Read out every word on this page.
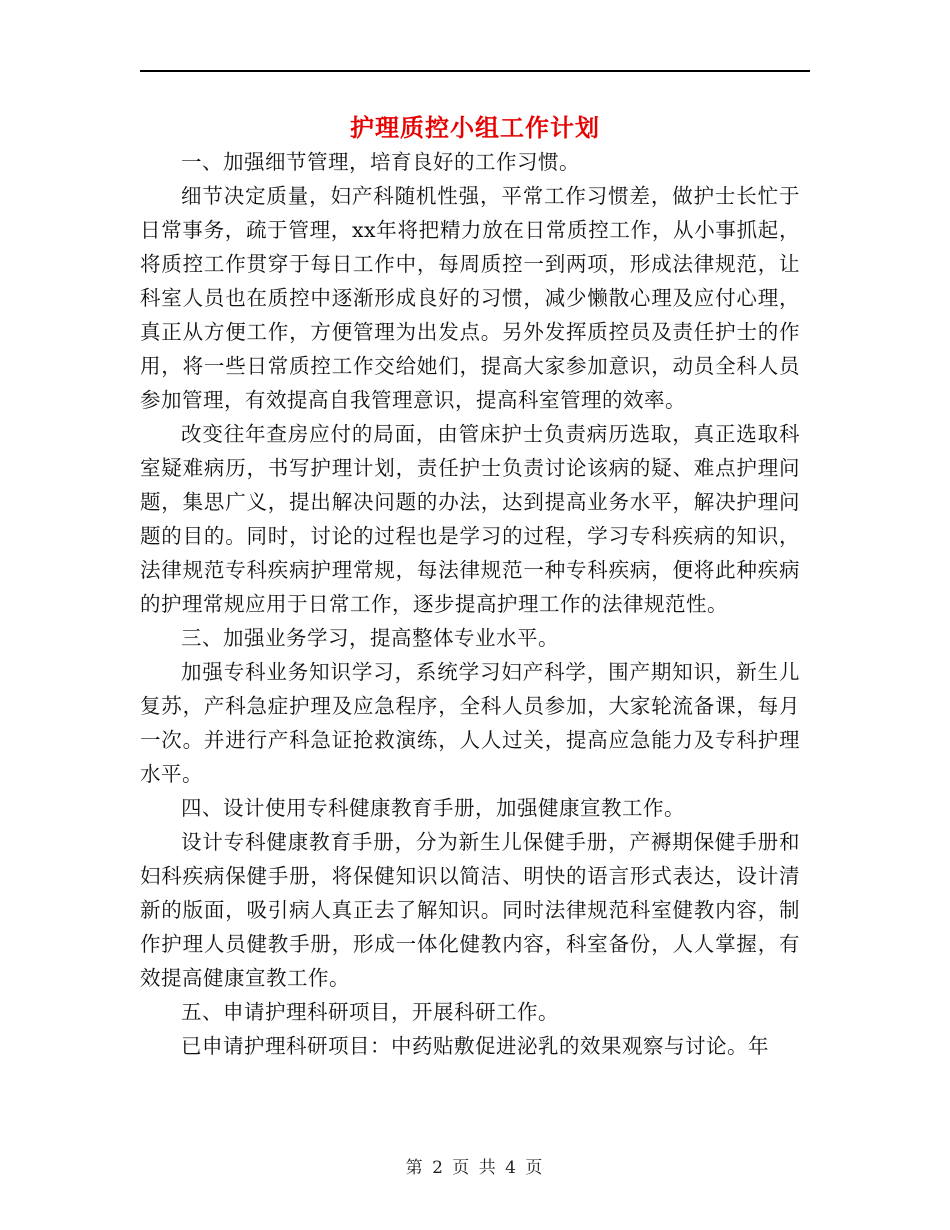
护理质控小组工作计划

一、加强细节管理，培育良好的工作习惯。

细节决定质量，妇产科随机性强，平常工作习惯差，做护士长忙于日常事务，疏于管理，xx年将把精力放在日常质控工作，从小事抓起，将质控工作贯穿于每日工作中，每周质控一到两项，形成法律规范，让科室人员也在质控中逐渐形成良好的习惯，减少懒散心理及应付心理，真正从方便工作，方便管理为出发点。另外发挥质控员及责任护士的作用，将一些日常质控工作交给她们，提高大家参加意识，动员全科人员参加管理，有效提高自我管理意识，提高科室管理的效率。

改变往年查房应付的局面，由管床护士负责病历选取，真正选取科室疑难病历，书写护理计划，责任护士负责讨论该病的疑、难点护理问题，集思广义，提出解决问题的办法，达到提高业务水平，解决护理问题的目的。同时，讨论的过程也是学习的过程，学习专科疾病的知识，法律规范专科疾病护理常规，每法律规范一种专科疾病，便将此种疾病的护理常规应用于日常工作，逐步提高护理工作的法律规范性。

三、加强业务学习，提高整体专业水平。

加强专科业务知识学习，系统学习妇产科学，围产期知识，新生儿复苏，产科急症护理及应急程序，全科人员参加，大家轮流备课，每月一次。并进行产科急证抢救演练，人人过关，提高应急能力及专科护理水平。

四、设计使用专科健康教育手册，加强健康宣教工作。

设计专科健康教育手册，分为新生儿保健手册，产褥期保健手册和妇科疾病保健手册，将保健知识以简洁、明快的语言形式表达，设计清新的版面，吸引病人真正去了解知识。同时法律规范科室健教内容，制作护理人员健教手册，形成一体化健教内容，科室备份，人人掌握，有效提高健康宣教工作。

五、申请护理科研项目，开展科研工作。

已申请护理科研项目：中药贴敷促进泌乳的效果观察与讨论。年

第 2 页 共 4 页
